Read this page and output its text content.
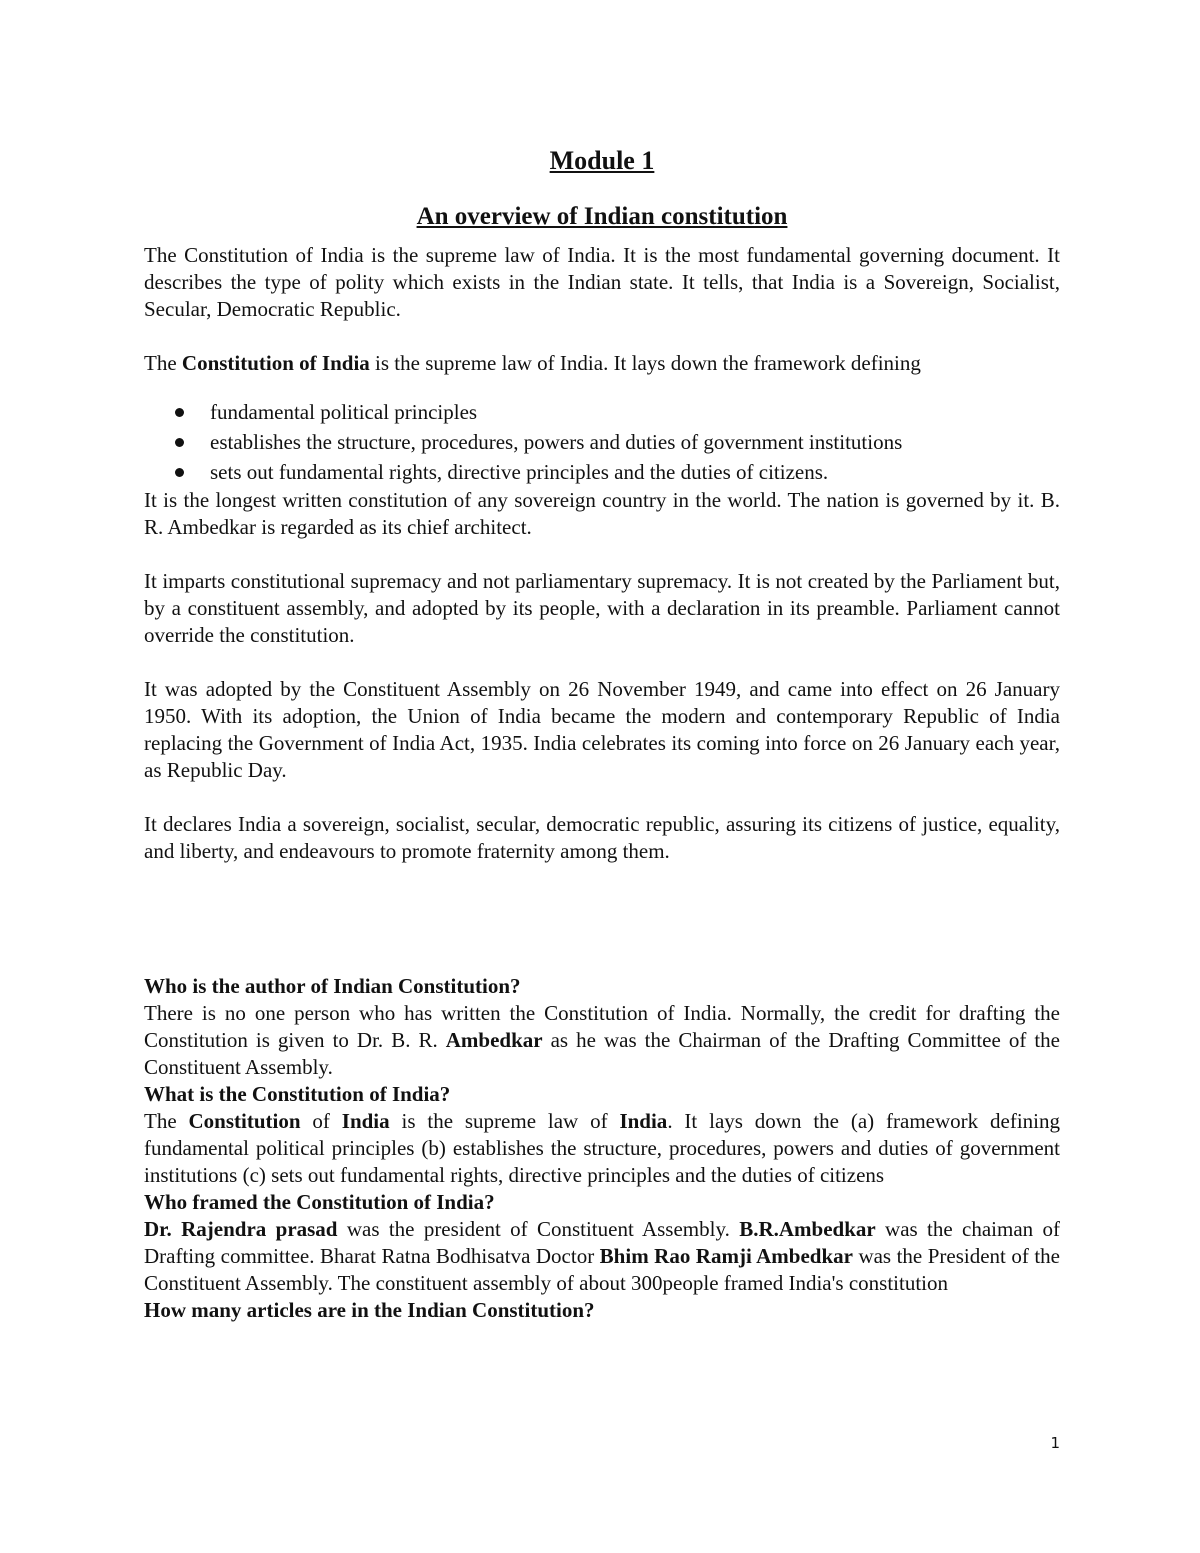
Module 1
An overview of Indian constitution

The Constitution of India is the supreme law of India. It is the most fundamental governing document. It describes the type of polity which exists in the Indian state. It tells, that India is a Sovereign, Socialist, Secular, Democratic Republic.

The Constitution of India is the supreme law of India. It lays down the framework defining

fundamental political principles
establishes the structure, procedures, powers and duties of government institutions
sets out fundamental rights, directive principles and the duties of citizens.

It is the longest written constitution of any sovereign country in the world. The nation is governed by it. B. R. Ambedkar is regarded as its chief architect.

It imparts constitutional supremacy and not parliamentary supremacy. It is not created by the Parliament but, by a constituent assembly, and adopted by its people, with a declaration in its preamble. Parliament cannot override the constitution.

It was adopted by the Constituent Assembly on 26 November 1949, and came into effect on 26 January 1950. With its adoption, the Union of India became the modern and contemporary Republic of India replacing the Government of India Act, 1935. India celebrates its coming into force on 26 January each year, as Republic Day.

It declares India a sovereign, socialist, secular, democratic republic, assuring its citizens of justice, equality, and liberty, and endeavours to promote fraternity among them.

Who is the author of Indian Constitution?

There is no one person who has written the Constitution of India. Normally, the credit for drafting the Constitution is given to Dr. B. R. Ambedkar as he was the Chairman of the Drafting Committee of the Constituent Assembly.

What is the Constitution of India?

The Constitution of India is the supreme law of India. It lays down the (a) framework defining fundamental political principles (b) establishes the structure, procedures, powers and duties of government institutions (c) sets out fundamental rights, directive principles and the duties of citizens

Who framed the Constitution of India?

Dr. Rajendra prasad was the president of Constituent Assembly. B.R.Ambedkar was the chaiman of Drafting committee. Bharat Ratna Bodhisatva Doctor Bhim Rao Ramji Ambedkar was the President of the Constituent Assembly. The constituent assembly of about 300people framed India's constitution

How many articles are in the Indian Constitution?

1
